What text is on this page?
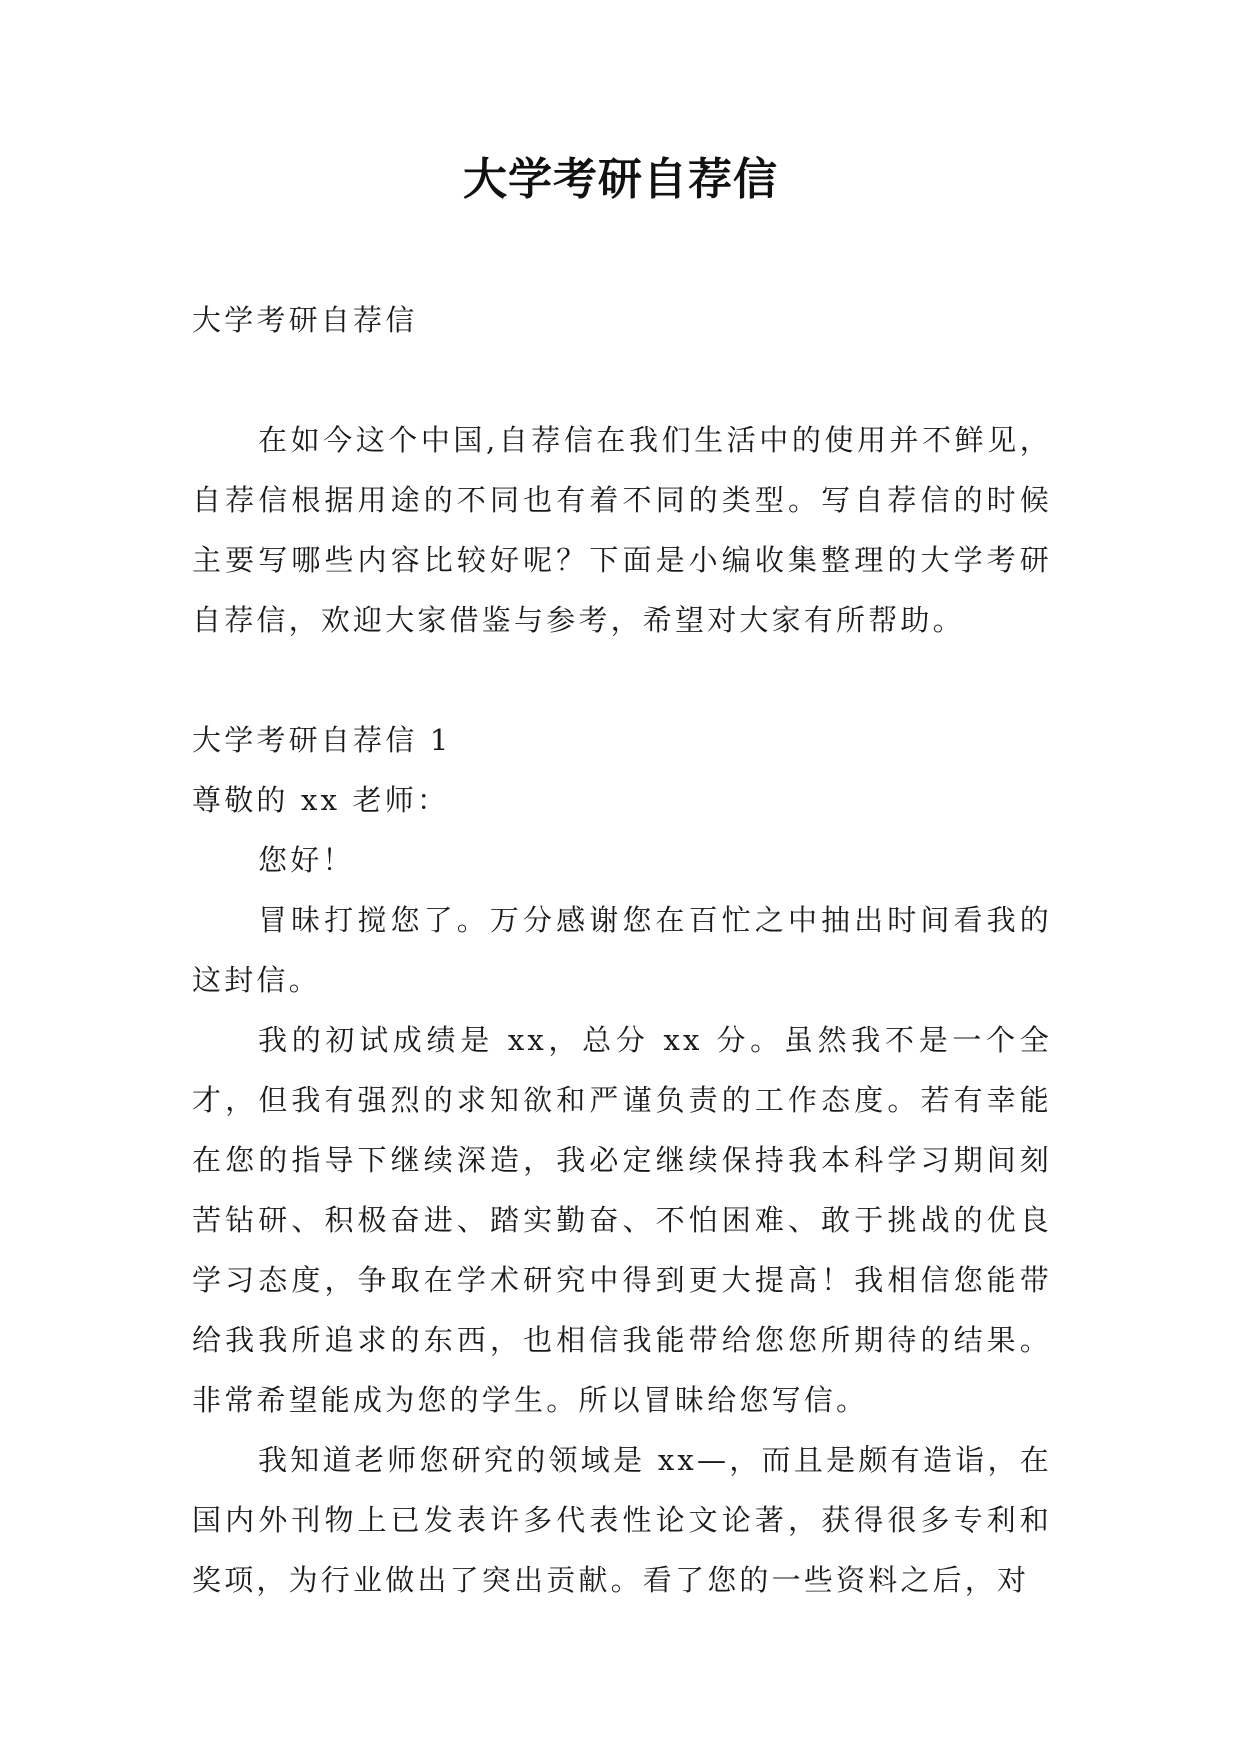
大学考研自荐信

大学考研自荐信

在如今这个中国,自荐信在我们生活中的使用并不鲜见，自荐信根据用途的不同也有着不同的类型。写自荐信的时候主要写哪些内容比较好呢？下面是小编收集整理的大学考研自荐信，欢迎大家借鉴与参考，希望对大家有所帮助。

大学考研自荐信 1

尊敬的 xx 老师：

您好！

冒昧打搅您了。万分感谢您在百忙之中抽出时间看我的这封信。

我的初试成绩是 xx，总分 xx 分。虽然我不是一个全才，但我有强烈的求知欲和严谨负责的工作态度。若有幸能在您的指导下继续深造，我必定继续保持我本科学习期间刻苦钻研、积极奋进、踏实勤奋、不怕困难、敢于挑战的优良学习态度，争取在学术研究中得到更大提高！我相信您能带给我我所追求的东西，也相信我能带给您您所期待的结果。非常希望能成为您的学生。所以冒昧给您写信。

我知道老师您研究的领域是 xx—，而且是颇有造诣，在国内外刊物上已发表许多代表性论文论著，获得很多专利和奖项，为行业做出了突出贡献。看了您的一些资料之后，对
